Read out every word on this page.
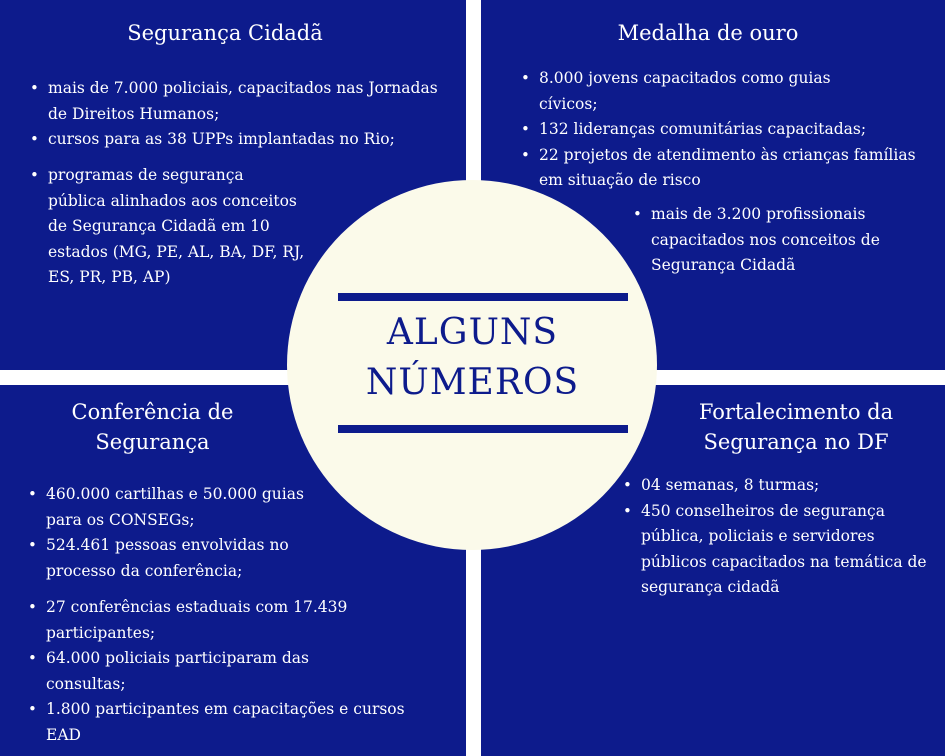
Segurança Cidadã
• mais de 7.000 policiais, capacitados nas Jornadas de Direitos Humanos;
• cursos para as 38 UPPs implantadas no Rio;
• programas de segurança pública alinhados aos conceitos de Segurança Cidadã em 10 estados (MG, PE, AL, BA, DF, RJ, ES, PR, PB, AP)
Medalha de ouro
• 8.000 jovens capacitados como guias cívicos;
• 132 lideranças comunitárias capacitadas;
• 22 projetos de atendimento às crianças famílias em situação de risco
• mais de 3.200 profissionais capacitados nos conceitos de Segurança Cidadã
Conferência de
Segurança
• 460.000 cartilhas e 50.000 guias para os CONSEGs;
• 524.461 pessoas envolvidas no processo da conferência;
• 27 conferências estaduais com 17.439 participantes;
• 64.000 policiais participaram das consultas;
• 1.800 participantes em capacitações e cursos EAD
Fortalecimento da
Segurança no DF
• 04 semanas, 8 turmas;
• 450 conselheiros de segurança pública, policiais e servidores públicos capacitados na temática de segurança cidadã
ALGUNS
NÚMEROS
